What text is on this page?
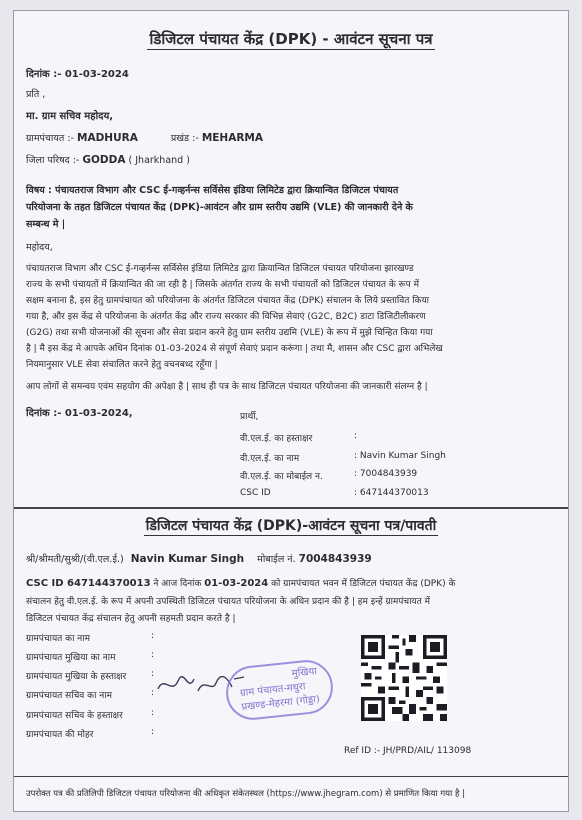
डिजिटल पंचायत केंद्र (DPK) - आवंटन सूचना पत्र
दिनांक :- 01-03-2024
प्रति ,
मा. ग्राम सचिव महोदय,
ग्रामपंचायत :- MADHURA	प्रखंड :- MEHARMA
जिला परिषद :- GODDA ( Jharkhand )
विषय : पंचायतराज विभाग और CSC ई-गव्हर्नन्स सर्विसेस इंडिया लिमिटेड द्वारा क्रियान्वित डिजिटल पंचायत
परियोजना के तहत डिजिटल पंचायत केंद्र (DPK)-आवंटन और ग्राम स्तरीय उद्यमि (VLE) की जानकारी देने के
सम्बन्ध मे |
महोदय,
पंचायतराज विभाग और CSC ई-गव्हर्नन्स सर्विसेस इंडिया लिमिटेड द्वारा क्रियान्वित डिजिटल पंचायत परियोजना झारखण्ड
राज्य के सभी पंचायतों में क्रियान्वित की जा रही है | जिसके अंतर्गत राज्य के सभी पंचायतों को डिजिटल पंचायत के रूप में
सक्षम बनाना है, इस हेतु ग्रामपंचायत को परियोजना के अंतर्गत डिजिटल पंचायत केंद्र (DPK) संचालन के लिये प्रस्तावित किया
गया है, और इस केंद्र से परियोजना के अंतर्गत केंद्र और राज्य सरकार की विभिन्न सेवाएं (G2C, B2C) डाटा डिजिटीलीकरण
(G2G) तथा सभी योजनाओं की सूचना और सेवा प्रदान करने हेतु ग्राम स्तरीय उद्यमि (VLE) के रूप में मुझे चिन्हित किया गया
है | मै इस केंद्र मे आपके अधिन दिनांक 01-03-2024 से संपूर्ण सेवाएं प्रदान करूंगा | तथा मै, शासन और CSC द्वारा अभिलेख
नियमानुसार VLE सेवा संचालित करने हेतु वचनबध्द रहूँगा |
आप लोगों से समन्वय एवंम सहयोग की अपेक्षा है | साथ ही पत्र के साथ डिजिटल पंचायत परियोजना की जानकारी संलग्न है |
दिनांक :- 01-03-2024,	प्रार्थी,
वी.एल.ई. का हस्ताक्षर	:
वी.एल.ई. का नाम	: Navin Kumar Singh
वी.एल.ई. का मोबाईल न.	: 7004843939
CSC ID	: 647144370013
डिजिटल पंचायत केंद्र (DPK)-आवंटन सूचना पत्र/पावती
श्री/श्रीमती/सुश्री/(वी.एल.ई.) Navin Kumar Singh मोबाईल नं. 7004843939
CSC ID 647144370013 ने आज दिनांक 01-03-2024 को ग्रामपंचायत भवन में डिजिटल पंचायत केंद्र (DPK) के
संचालन हेतु वी.एल.ई. के रूप में अपनी उपस्थिती डिजिटल पंचायत परियोजना के अधिन प्रदान की है | हम इन्हें ग्रामपंचायत में
डिजिटल पंचायत केंद्र संचालन हेतु अपनी सहमती प्रदान करते है |
ग्रामपंचायत का नाम	:
ग्रामपंचायत मुखिया का नाम	:
ग्रामपंचायत मुखिया के हस्ताक्षर	:
ग्रामपंचायत सचिव का नाम	:
ग्रामपंचायत सचिव के हस्ताक्षर	:
ग्रामपंचायत की मोहर	:
मुखिया
ग्राम पंचायत-मधुरा
प्रखण्ड-मेहरमा (गोड्डा)
Ref ID :- JH/PRD/AIL/ 113098
उपरोक्त पत्र की प्रतिलिपी डिजिटल पंचायत परियोजना की अधिकृत संकेतस्थल (https://www.jhegram.com) से प्रमाणित किया गया है |
